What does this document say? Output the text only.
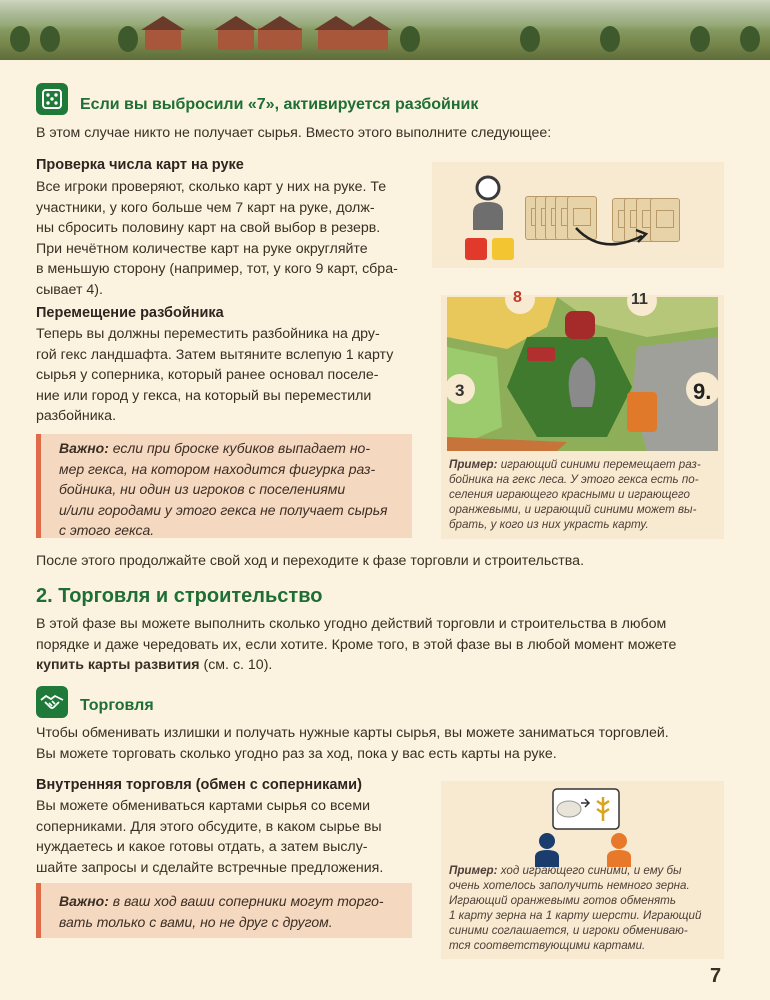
Если вы выбросили «7», активируется разбойник
В этом случае никто не получает сырья. Вместо этого выполните следующее:
Проверка числа карт на руке
Все игроки проверяют, сколько карт у них на руке. Те
участники, у кого больше чем 7 карт на руке, долж-
ны сбросить половину карт на свой выбор в резерв.
При нечётном количестве карт на руке округляйте
в меньшую сторону (например, тот, у кого 9 карт, сбра-
сывает 4).
Перемещение разбойника
Теперь вы должны переместить разбойника на дру-
гой гекс ландшафта. Затем вытяните вслепую 1 карту
сырья у соперника, который ранее основал поселе-
ние или город у гекса, на который вы переместили
разбойника.
Важно: если при броске кубиков выпадает но-
мер гекса, на котором находится фигурка раз-
бойника, ни один из игроков с поселениями
и/или городами у этого гекса не получает сырья
с этого гекса.
8	11
3	9.
Пример: играющий синими перемещает раз-
бойника на гекс леса. У этого гекса есть по-
селения играющего красными и играющего
оранжевыми, и играющий синими может вы-
брать, у кого из них украсть карту.
После этого продолжайте свой ход и переходите к фазе торговли и строительства.
2. Торговля и строительство
В этой фазе вы можете выполнить сколько угодно действий торговли и строительства в любом
порядке и даже чередовать их, если хотите. Кроме того, в этой фазе вы в любой момент можете
купить карты развития (см. с. 10).
Торговля
Чтобы обменивать излишки и получать нужные карты сырья, вы можете заниматься торговлей.
Вы можете торговать сколько угодно раз за ход, пока у вас есть карты на руке.
Внутренняя торговля (обмен с соперниками)
Вы можете обмениваться картами сырья со всеми
соперниками. Для этого обсудите, в каком сырье вы
нуждаетесь и какое готовы отдать, а затем выслу-
шайте запросы и сделайте встречные предложения.
Важно: в ваш ход ваши соперники могут торго-
вать только с вами, но не друг с другом.
Пример: ход играющего синими, и ему бы
очень хотелось заполучить немного зерна.
Играющий оранжевыми готов обменять
1 карту зерна на 1 карту шерсти. Играющий
синими соглашается, и игроки обмениваю-
тся соответствующими картами.
7
